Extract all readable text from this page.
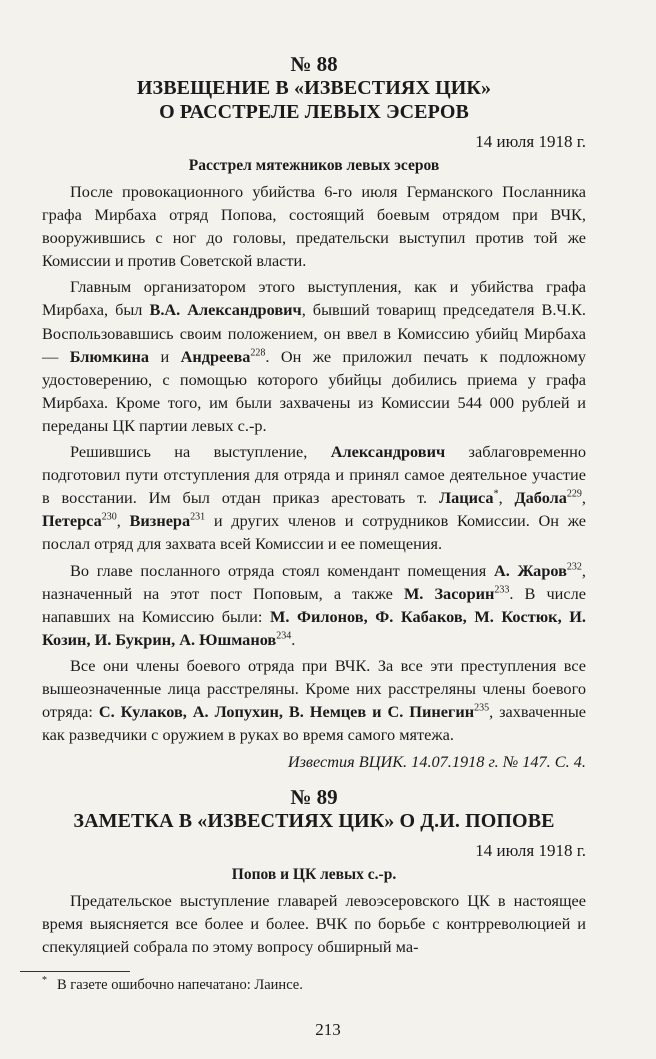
№ 88
ИЗВЕЩЕНИЕ В «ИЗВЕСТИЯХ ЦИК»
О РАССТРЕЛЕ ЛЕВЫХ ЭСЕРОВ
14 июля 1918 г.
Расстрел мятежников левых эсеров

После провокационного убийства 6-го июля Германского Посланника графа Мирбаха отряд Попова, состоящий боевым отрядом при ВЧК, вооружившись с ног до головы, предательски выступил против той же Комиссии и против Советской власти.

Главным организатором этого выступления, как и убийства графа Мирбаха, был В.А. Александрович, бывший товарищ председателя В.Ч.К. Воспользовавшись своим положением, он ввел в Комиссию убийц Мирбаха — Блюмкина и Андреева$^{228}$. Он же приложил печать к подложному удостоверению, с помощью которого убийцы добились приема у графа Мирбаха. Кроме того, им были захвачены из Комиссии 544 000 рублей и переданы ЦК партии левых с.-р.

Решившись на выступление, Александрович заблаговременно подготовил пути отступления для отряда и принял самое деятельное участие в восстании. Им был отдан приказ арестовать т. Лациса*, Дабола$^{229}$, Петерса$^{230}$, Визнера$^{231}$ и других членов и сотрудников Комиссии. Он же послал отряд для захвата всей Комиссии и ее помещения.

Во главе посланного отряда стоял комендант помещения А. Жаров$^{232}$, назначенный на этот пост Поповым, а также М. Засорин$^{233}$. В числе напавших на Комиссию были: М. Филонов, Ф. Кабаков, М. Костюк, И. Козин, И. Букрин, А. Юшманов$^{234}$.

Все они члены боевого отряда при ВЧК. За все эти преступления все вышеозначенные лица расстреляны. Кроме них расстреляны члены боевого отряда: С. Кулаков, А. Лопухин, В. Немцев и С. Пинегин$^{235}$, захваченные как разведчики с оружием в руках во время самого мятежа.

Известия ВЦИК. 14.07.1918 г. № 147. С. 4.
№ 89
ЗАМЕТКА В «ИЗВЕСТИЯХ ЦИК» О Д.И. ПОПОВЕ
14 июля 1918 г.
Попов и ЦК левых с.-р.

Предательское выступление главарей левоэсеровского ЦК в настоящее время выясняется все более и более. ВЧК по борьбе с контрреволюцией и спекуляцией собрала по этому вопросу обширный ма-

* В газете ошибочно напечатано: Лаинсе.
213
